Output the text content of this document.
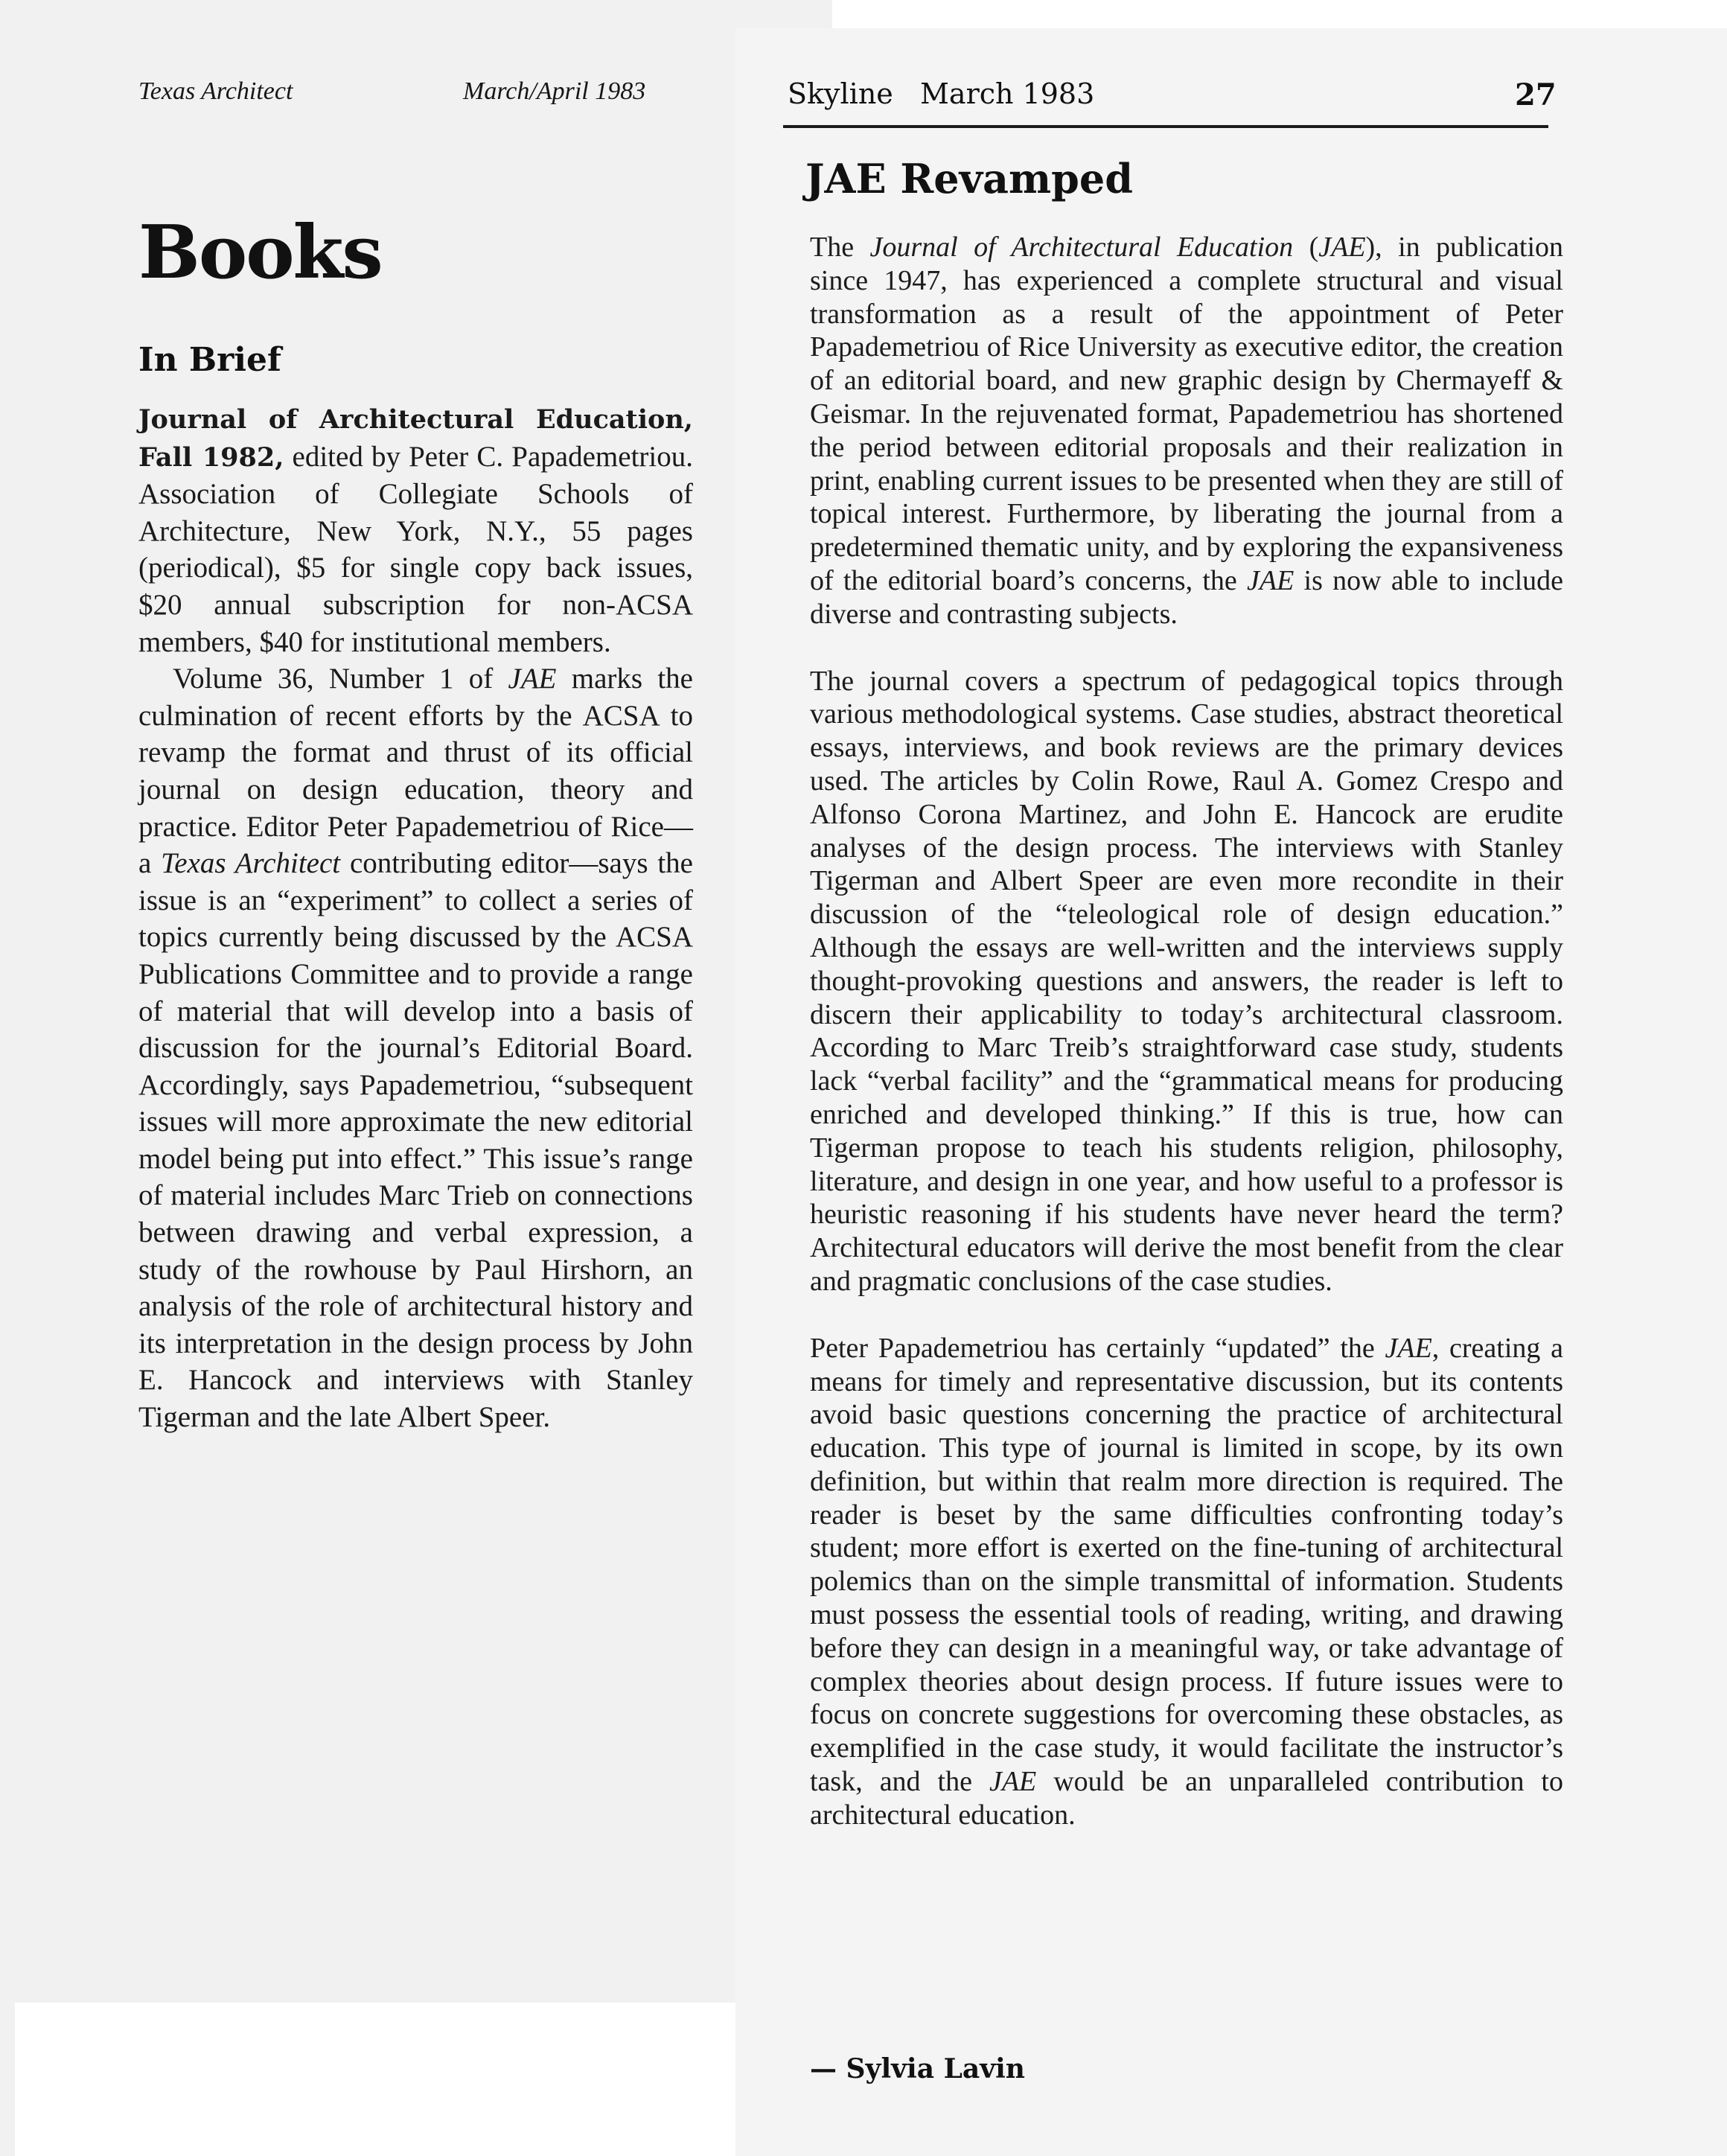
Texas Architect	March/April 1983
Books
In Brief

Journal of Architectural Education, Fall 1982, edited by Peter C. Papademetriou. Association of Collegiate Schools of Architecture, New York, N.Y., 55 pages (periodical), $5 for single copy back issues, $20 annual subscription for non-ACSA members, $40 for institutional members.

Volume 36, Number 1 of JAE marks the culmination of recent efforts by the ACSA to revamp the format and thrust of its official journal on design education, theory and practice. Editor Peter Papademetriou of Rice—a Texas Architect contributing editor—says the issue is an “experiment” to collect a series of topics currently being discussed by the ACSA Publications Committee and to provide a range of material that will develop into a basis of discussion for the journal’s Editorial Board. Accordingly, says Papademetriou, “subsequent issues will more approximate the new editorial model being put into effect.” This issue’s range of material includes Marc Trieb on connections between drawing and verbal expression, a study of the rowhouse by Paul Hirshorn, an analysis of the role of architectural history and its interpretation in the design process by John E. Hancock and interviews with Stanley Tigerman and the late Albert Speer.

Skyline March 1983	27
JAE Revamped

The Journal of Architectural Education (JAE), in publication since 1947, has experienced a complete structural and visual transformation as a result of the appointment of Peter Papademetriou of Rice University as executive editor, the creation of an editorial board, and new graphic design by Chermayeff & Geismar. In the rejuvenated format, Papademetriou has shortened the period between editorial proposals and their realization in print, enabling current issues to be presented when they are still of topical interest. Furthermore, by liberating the journal from a predetermined thematic unity, and by exploring the expansiveness of the editorial board’s concerns, the JAE is now able to include diverse and contrasting subjects.

The journal covers a spectrum of pedagogical topics through various methodological systems. Case studies, abstract theoretical essays, interviews, and book reviews are the primary devices used. The articles by Colin Rowe, Raul A. Gomez Crespo and Alfonso Corona Martinez, and John E. Hancock are erudite analyses of the design process. The interviews with Stanley Tigerman and Albert Speer are even more recondite in their discussion of the “teleological role of design education.” Although the essays are well-written and the interviews supply thought-provoking questions and answers, the reader is left to discern their applicability to today’s architectural classroom. According to Marc Treib’s straightforward case study, students lack “verbal facility” and the “grammatical means for producing enriched and developed thinking.” If this is true, how can Tigerman propose to teach his students religion, philosophy, literature, and design in one year, and how useful to a professor is heuristic reasoning if his students have never heard the term? Architectural educators will derive the most benefit from the clear and pragmatic conclusions of the case studies.

Peter Papademetriou has certainly “updated” the JAE, creating a means for timely and representative discussion, but its contents avoid basic questions concerning the practice of architectural education. This type of journal is limited in scope, by its own definition, but within that realm more direction is required. The reader is beset by the same difficulties confronting today’s student; more effort is exerted on the fine-tuning of architectural polemics than on the simple transmittal of information. Students must possess the essential tools of reading, writing, and drawing before they can design in a meaningful way, or take advantage of complex theories about design process. If future issues were to focus on concrete suggestions for overcoming these obstacles, as exemplified in the case study, it would facilitate the instructor’s task, and the JAE would be an unparalleled contribution to architectural education.

— Sylvia Lavin
